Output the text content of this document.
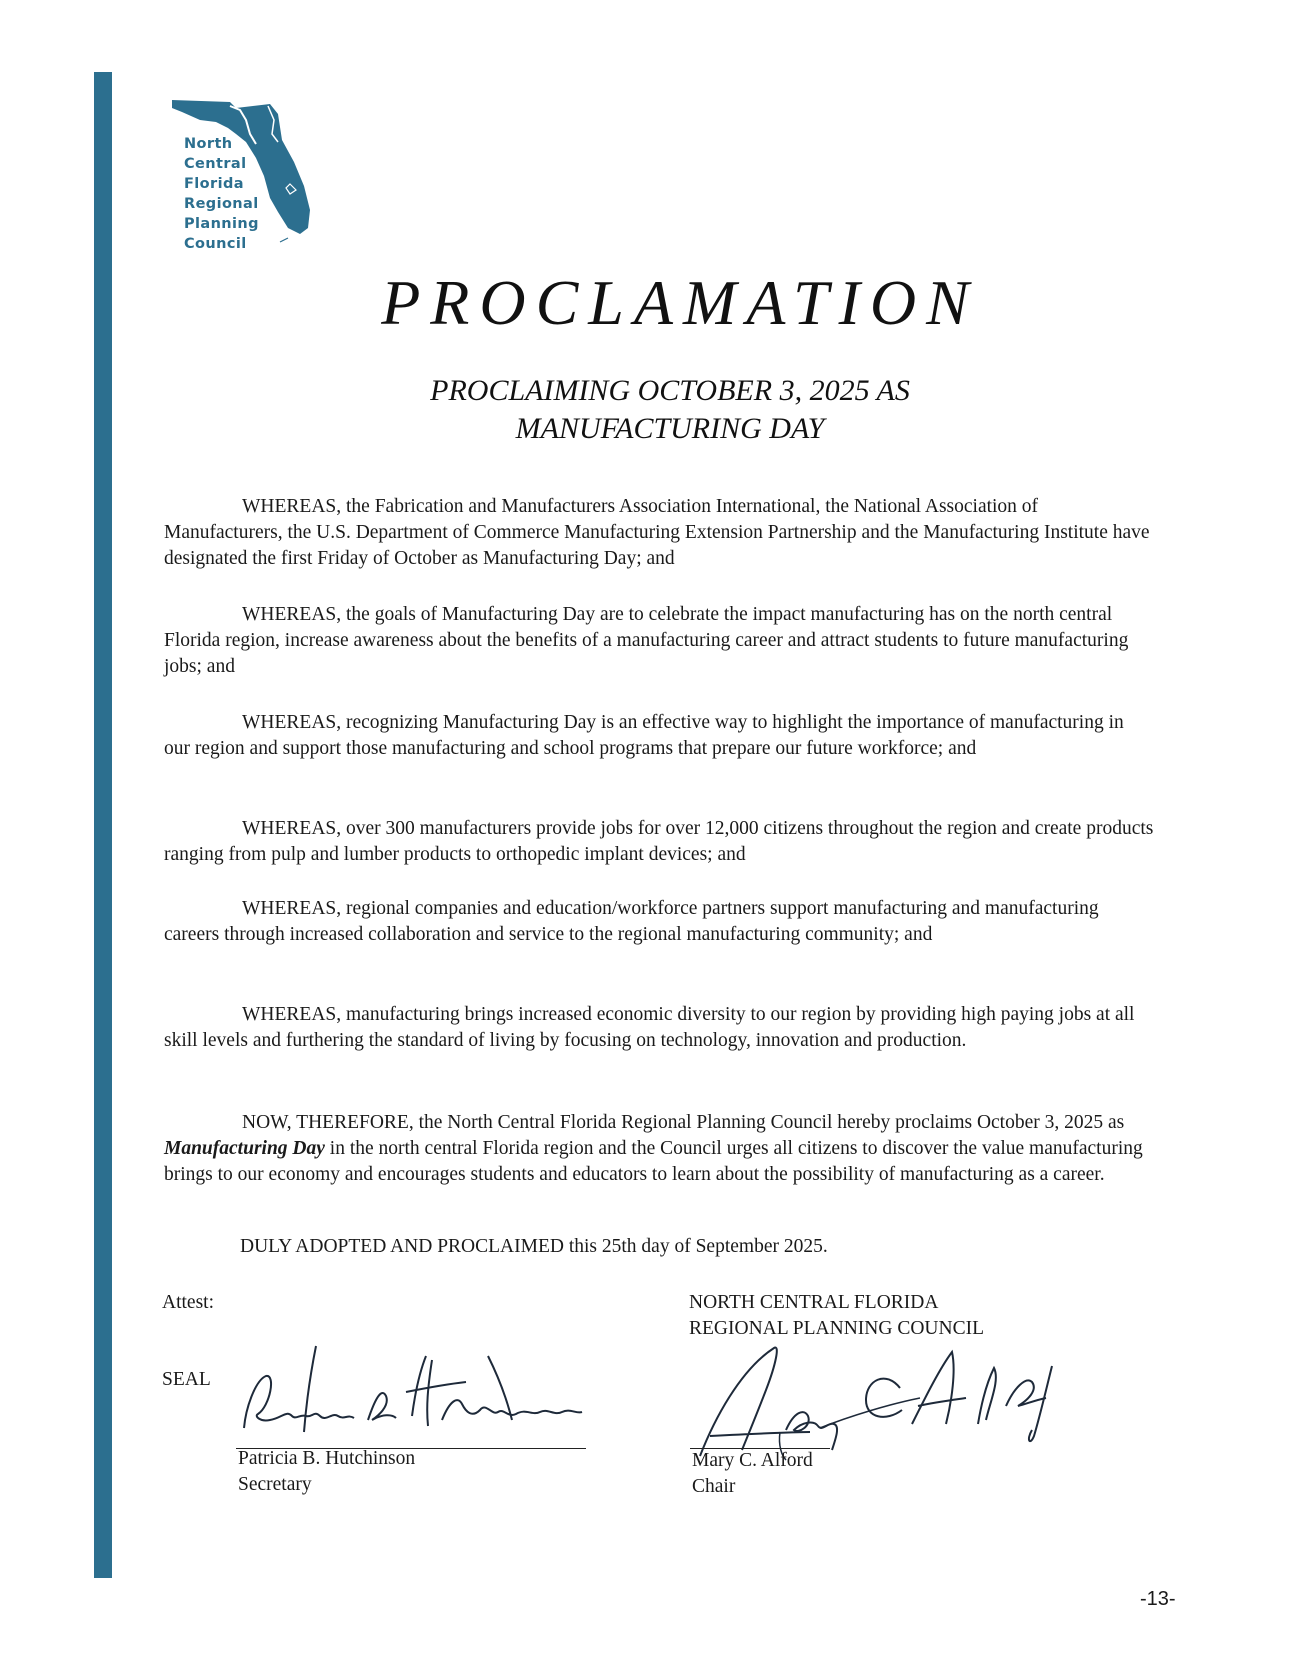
North
Central
Florida
Regional
Planning
Council
PROCLAMATION
PROCLAIMING OCTOBER 3, 2025 AS
MANUFACTURING DAY

WHEREAS, the Fabrication and Manufacturers Association International, the National Association of Manufacturers, the U.S. Department of Commerce Manufacturing Extension Partnership and the Manufacturing Institute have designated the first Friday of October as Manufacturing Day; and

WHEREAS, the goals of Manufacturing Day are to celebrate the impact manufacturing has on the north central Florida region, increase awareness about the benefits of a manufacturing career and attract students to future manufacturing jobs; and

WHEREAS, recognizing Manufacturing Day is an effective way to highlight the importance of manufacturing in our region and support those manufacturing and school programs that prepare our future workforce; and

WHEREAS, over 300 manufacturers provide jobs for over 12,000 citizens throughout the region and create products ranging from pulp and lumber products to orthopedic implant devices; and

WHEREAS, regional companies and education/workforce partners support manufacturing and manufacturing careers through increased collaboration and service to the regional manufacturing community; and

WHEREAS, manufacturing brings increased economic diversity to our region by providing high paying jobs at all skill levels and furthering the standard of living by focusing on technology, innovation and production.

NOW, THEREFORE, the North Central Florida Regional Planning Council hereby proclaims October 3, 2025 as Manufacturing Day in the north central Florida region and the Council urges all citizens to discover the value manufacturing brings to our economy and encourages students and educators to learn about the possibility of manufacturing as a career.

DULY ADOPTED AND PROCLAIMED this 25th day of September 2025.
Attest:	NORTH CENTRAL FLORIDA
REGIONAL PLANNING COUNCIL
SEAL
Patricia B. Hutchinson
Secretary
Mary C. Alford
Chair
-13-
